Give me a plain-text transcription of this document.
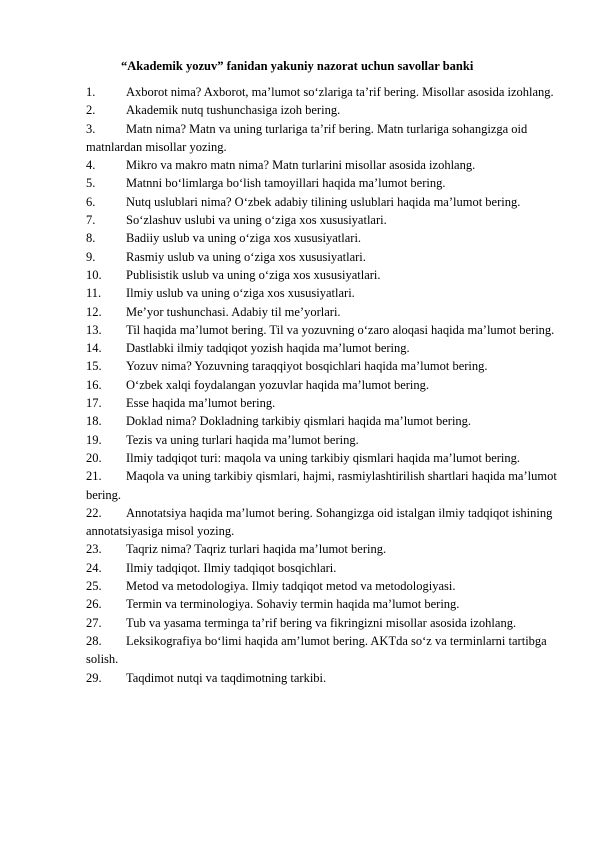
“Akademik yozuv” fanidan yakuniy nazorat uchun savollar banki
1. Axborot nima? Axborot, ma’lumot so‘zlariga ta’rif bering. Misollar asosida izohlang.
2. Akademik nutq tushunchasiga izoh bering.
3. Matn nima? Matn va uning turlariga ta’rif bering. Matn turlariga sohangizga oid matnlardan misollar yozing.
4. Mikro va makro matn nima? Matn turlarini misollar asosida izohlang.
5. Matnni bo‘limlarga bo‘lish tamoyillari haqida ma’lumot bering.
6. Nutq uslublari nima? O‘zbek adabiy tilining uslublari haqida ma’lumot bering.
7. So‘zlashuv uslubi va uning o‘ziga xos xususiyatlari.
8. Badiiy uslub va uning o‘ziga xos xususiyatlari.
9. Rasmiy uslub va uning o‘ziga xos xususiyatlari.
10. Publisistik uslub va uning o‘ziga xos xususiyatlari.
11. Ilmiy uslub va uning o‘ziga xos xususiyatlari.
12. Me’yor tushunchasi. Adabiy til me’yorlari.
13. Til haqida ma’lumot bering. Til va yozuvning o‘zaro aloqasi haqida ma’lumot bering.
14. Dastlabki ilmiy tadqiqot yozish haqida ma’lumot bering.
15. Yozuv nima? Yozuvning taraqqiyot bosqichlari haqida ma’lumot bering.
16. O‘zbek xalqi foydalangan yozuvlar haqida ma’lumot bering.
17. Esse haqida ma’lumot bering.
18. Doklad nima? Dokladning tarkibiy qismlari haqida ma’lumot bering.
19. Tezis va uning turlari haqida ma’lumot bering.
20. Ilmiy tadqiqot turi: maqola va uning tarkibiy qismlari haqida ma’lumot bering.
21. Maqola va uning tarkibiy qismlari, hajmi, rasmiylashtirilish shartlari haqida ma’lumot bering.
22. Annotatsiya haqida ma’lumot bering. Sohangizga oid istalgan ilmiy tadqiqot ishining annotatsiyasiga misol yozing.
23. Taqriz nima? Taqriz turlari haqida ma’lumot bering.
24. Ilmiy tadqiqot. Ilmiy tadqiqot bosqichlari.
25. Metod va metodologiya. Ilmiy tadqiqot metod va metodologiyasi.
26. Termin va terminologiya. Sohaviy termin haqida ma’lumot bering.
27. Tub va yasama terminga ta’rif bering va fikringizni misollar asosida izohlang.
28. Leksikografiya bo‘limi haqida am’lumot bering. AKTda so‘z va terminlarni tartibga solish.
29. Taqdimot nutqi va taqdimotning tarkibi.
